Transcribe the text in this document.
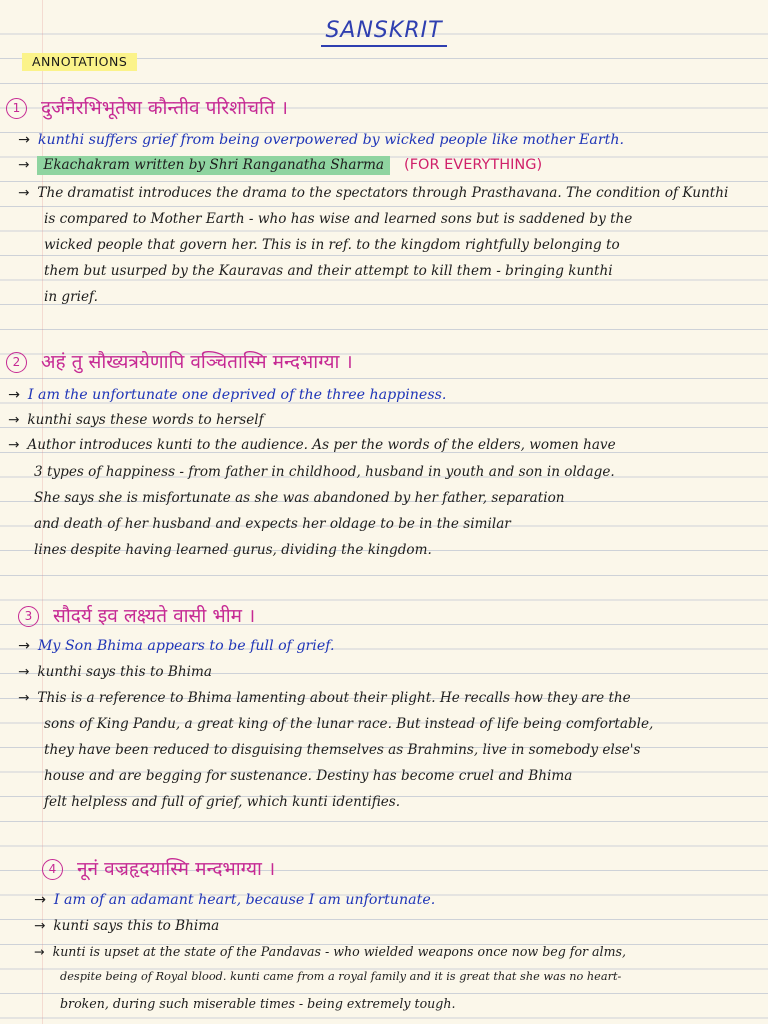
SANSKRIT
ANNOTATIONS
1 दुर्जनैरभिभूतेषा कौन्तीव परिशोचति ।
→ kunthi suffers grief from being overpowered by wicked people like mother Earth.
→ Ekachakram written by Shri Ranganatha Sharma (FOR EVERYTHING)
→ The dramatist introduces the drama to the spectators through Prasthavana. The condition of Kunthi
is compared to Mother Earth - who has wise and learned sons but is saddened by the
wicked people that govern her. This is in ref. to the kingdom rightfully belonging to
them but usurped by the Kauravas and their attempt to kill them - bringing kunthi
in grief.
2 अहं तु सौख्यत्रयेणापि वञ्चितास्मि मन्दभाग्या ।
→ I am the unfortunate one deprived of the three happiness.
→ kunthi says these words to herself
→ Author introduces kunti to the audience. As per the words of the elders, women have
3 types of happiness - from father in childhood, husband in youth and son in oldage.
She says she is misfortunate as she was abandoned by her father, separation
and death of her husband and expects her oldage to be in the similar
lines despite having learned gurus, dividing the kingdom.
3 सौदर्य इव लक्ष्यते वासी भीम ।
→ My Son Bhima appears to be full of grief.
→ kunthi says this to Bhima
→ This is a reference to Bhima lamenting about their plight. He recalls how they are the
sons of King Pandu, a great king of the lunar race. But instead of life being comfortable,
they have been reduced to disguising themselves as Brahmins, live in somebody else's
house and are begging for sustenance. Destiny has become cruel and Bhima
felt helpless and full of grief, which kunti identifies.
4 नूनं वज्रहृदयास्मि मन्दभाग्या ।
→ I am of an adamant heart, because I am unfortunate.
→ kunti says this to Bhima
→ kunti is upset at the state of the Pandavas - who wielded weapons once now beg for alms,
despite being of Royal blood. kunti came from a royal family and it is great that she was no heart-
broken, during such miserable times - being extremely tough.
